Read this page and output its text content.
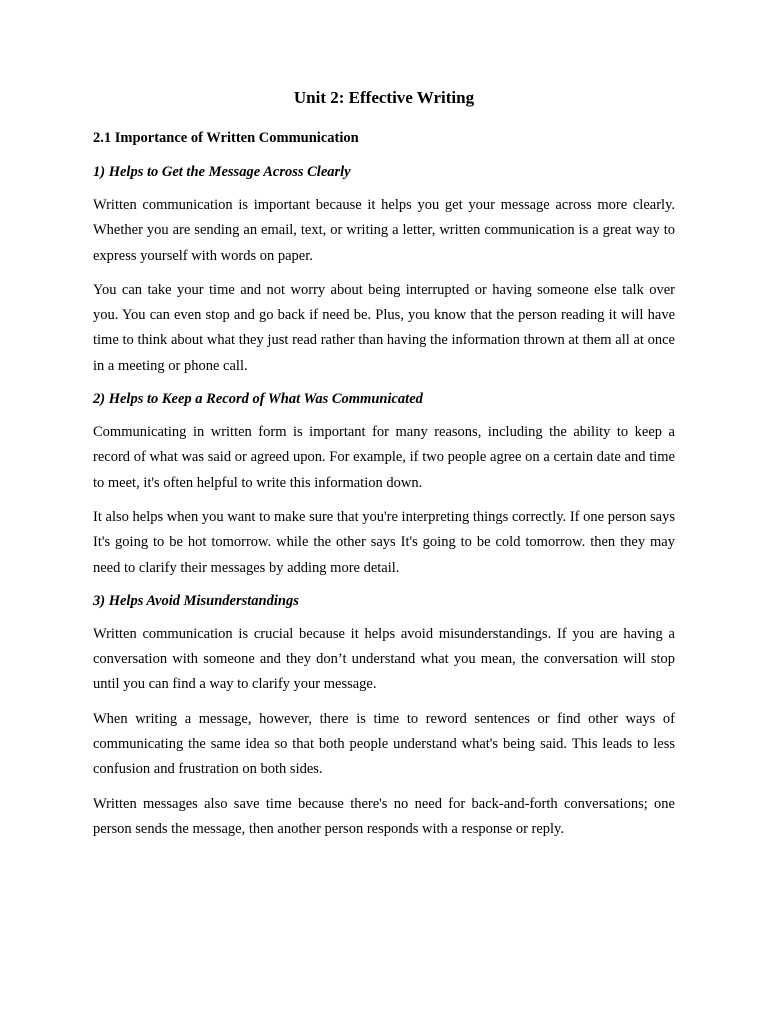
Unit 2: Effective Writing
2.1 Importance of Written Communication
1) Helps to Get the Message Across Clearly

Written communication is important because it helps you get your message across more clearly. Whether you are sending an email, text, or writing a letter, written communication is a great way to express yourself with words on paper.

You can take your time and not worry about being interrupted or having someone else talk over you. You can even stop and go back if need be. Plus, you know that the person reading it will have time to think about what they just read rather than having the information thrown at them all at once in a meeting or phone call.

2) Helps to Keep a Record of What Was Communicated

Communicating in written form is important for many reasons, including the ability to keep a record of what was said or agreed upon. For example, if two people agree on a certain date and time to meet, it's often helpful to write this information down.

It also helps when you want to make sure that you're interpreting things correctly. If one person says It's going to be hot tomorrow. while the other says It's going to be cold tomorrow. then they may need to clarify their messages by adding more detail.

3) Helps Avoid Misunderstandings

Written communication is crucial because it helps avoid misunderstandings. If you are having a conversation with someone and they don’t understand what you mean, the conversation will stop until you can find a way to clarify your message.

When writing a message, however, there is time to reword sentences or find other ways of communicating the same idea so that both people understand what's being said. This leads to less confusion and frustration on both sides.

Written messages also save time because there's no need for back-and-forth conversations; one person sends the message, then another person responds with a response or reply.
